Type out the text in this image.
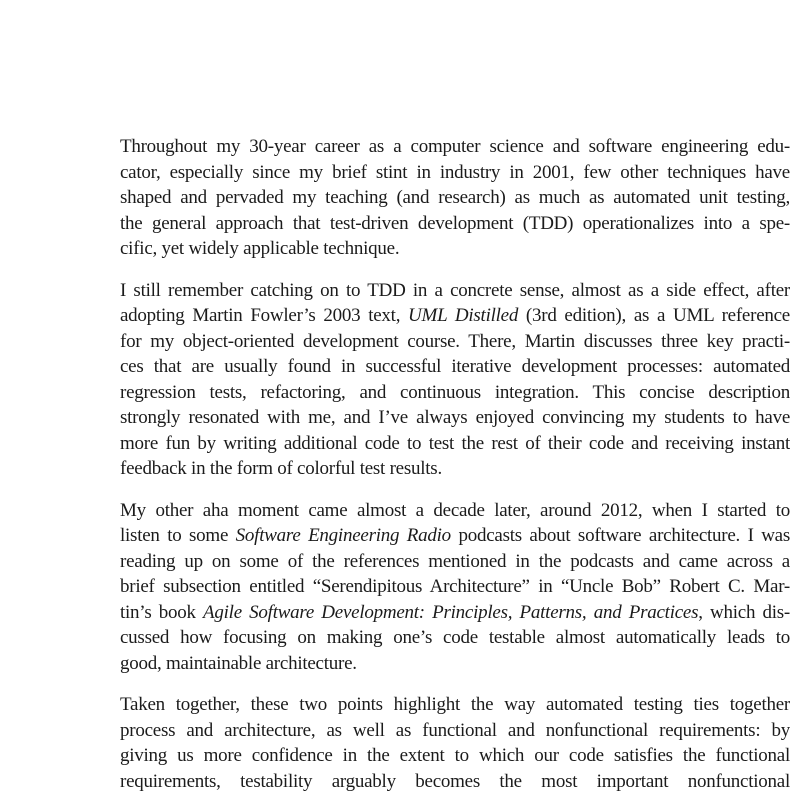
Throughout my 30-year career as a computer science and software engineering edu-
cator, especially since my brief stint in industry in 2001, few other techniques have
shaped and pervaded my teaching (and research) as much as automated unit testing,
the general approach that test-driven development (TDD) operationalizes into a spe-
cific, yet widely applicable technique.
I still remember catching on to TDD in a concrete sense, almost as a side effect, after
adopting Martin Fowler’s 2003 text, UML Distilled (3rd edition), as a UML reference
for my object-oriented development course. There, Martin discusses three key practi-
ces that are usually found in successful iterative development processes: automated
regression tests, refactoring, and continuous integration. This concise description
strongly resonated with me, and I’ve always enjoyed convincing my students to have
more fun by writing additional code to test the rest of their code and receiving instant
feedback in the form of colorful test results.
My other aha moment came almost a decade later, around 2012, when I started to
listen to some Software Engineering Radio podcasts about software architecture. I was
reading up on some of the references mentioned in the podcasts and came across a
brief subsection entitled “Serendipitous Architecture” in “Uncle Bob” Robert C. Mar-
tin’s book Agile Software Development: Principles, Patterns, and Practices, which dis-
cussed how focusing on making one’s code testable almost automatically leads to
good, maintainable architecture.
Taken together, these two points highlight the way automated testing ties together
process and architecture, as well as functional and nonfunctional requirements: by
giving us more confidence in the extent to which our code satisfies the functional
requirements, testability arguably becomes the most important nonfunctional
